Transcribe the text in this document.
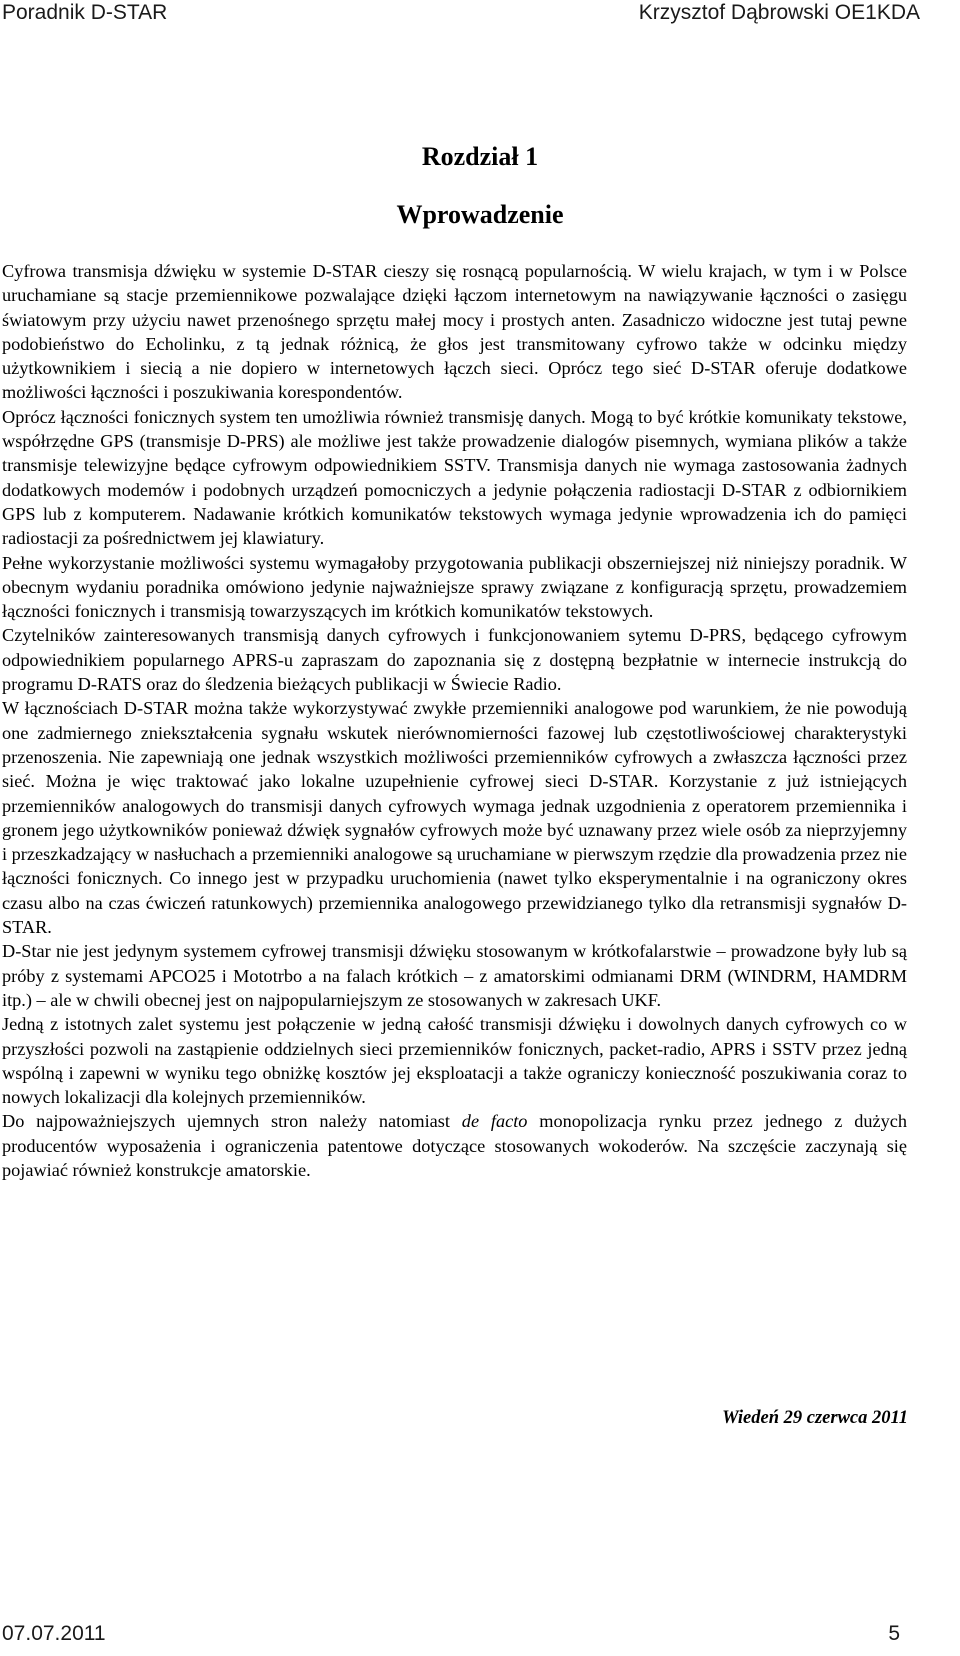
Poradnik D-STAR	Krzysztof Dąbrowski OE1KDA
Rozdział 1
Wprowadzenie

Cyfrowa transmisja dźwięku w systemie D-STAR cieszy się rosnącą popularnością. W wielu krajach, w tym i w Polsce uruchamiane są stacje przemiennikowe pozwalające dzięki łączom internetowym na nawiązywanie łączności o zasięgu światowym przy użyciu nawet przenośnego sprzętu małej mocy i prostych anten. Zasadniczo widoczne jest tutaj pewne podobieństwo do Echolinku, z tą jednak różnicą, że głos jest transmitowany cyfrowo także w odcinku między użytkownikiem i siecią a nie dopiero w internetowych łączch sieci. Oprócz tego sieć D-STAR oferuje dodatkowe możliwości łączności i poszukiwania korespondentów.

Oprócz łączności fonicznych system ten umożliwia również transmisję danych. Mogą to być krótkie komunikaty tekstowe, współrzędne GPS (transmisje D-PRS) ale możliwe jest także prowadzenie dialogów pisemnych, wymiana plików a także transmisje telewizyjne będące cyfrowym odpowiednikiem SSTV. Transmisja danych nie wymaga zastosowania żadnych dodatkowych modemów i podobnych urządzeń pomocniczych a jedynie połączenia radiostacji D-STAR z odbiornikiem GPS lub z komputerem. Nadawanie krótkich komunikatów tekstowych wymaga jedynie wprowadzenia ich do pamięci radiostacji za pośrednictwem jej klawiatury.

Pełne wykorzystanie możliwości systemu wymagałoby przygotowania publikacji obszerniejszej niż niniejszy poradnik. W obecnym wydaniu poradnika omówiono jedynie najważniejsze sprawy związane z konfiguracją sprzętu, prowadzemiem łączności fonicznych i transmisją towarzyszących im krótkich komunikatów tekstowych.

Czytelników zainteresowanych transmisją danych cyfrowych i funkcjonowaniem sytemu D-PRS, będącego cyfrowym odpowiednikiem popularnego APRS-u zapraszam do zapoznania się z dostępną bezpłatnie w internecie instrukcją do programu D-RATS oraz do śledzenia bieżących publikacji w Świecie Radio.

W łącznościach D-STAR można także wykorzystywać zwykłe przemienniki analogowe pod warunkiem, że nie powodują one zadmiernego zniekształcenia sygnału wskutek nierównomierności fazowej lub częstotliwościowej charakterystyki przenoszenia. Nie zapewniają one jednak wszystkich możliwości przemienników cyfrowych a zwłaszcza łączności przez sieć. Można je więc traktować jako lokalne uzupełnienie cyfrowej sieci D-STAR. Korzystanie z już istniejących przemienników analogowych do transmisji danych cyfrowych wymaga jednak uzgodnienia z operatorem przemiennika i gronem jego użytkowników ponieważ dźwięk sygnałów cyfrowych może być uznawany przez wiele osób za nieprzyjemny i przeszkadzający w nasłuchach a przemienniki analogowe są uruchamiane w pierwszym rzędzie dla prowadzenia przez nie łączności fonicznych. Co innego jest w przypadku uruchomienia (nawet tylko eksperymentalnie i na ograniczony okres czasu albo na czas ćwiczeń ratunkowych) przemiennika analogowego przewidzianego tylko dla retransmisji sygnałów D-STAR.

D-Star nie jest jedynym systemem cyfrowej transmisji dźwięku stosowanym w krótkofalarstwie – prowadzone były lub są próby z systemami APCO25 i Mototrbo a na falach krótkich – z amatorskimi odmianami DRM (WINDRM, HAMDRM itp.) – ale w chwili obecnej jest on najpopularniejszym ze stosowanych w zakresach UKF.

Jedną z istotnych zalet systemu jest połączenie w jedną całość transmisji dźwięku i dowolnych danych cyfrowych co w przyszłości pozwoli na zastąpienie oddzielnych sieci przemienników fonicznych, packet-radio, APRS i SSTV przez jedną wspólną i zapewni w wyniku tego obniżkę kosztów jej eksploatacji a także ograniczy konieczność poszukiwania coraz to nowych lokalizacji dla kolejnych przemienników.

Do najpoważniejszych ujemnych stron należy natomiast de facto monopolizacja rynku przez jednego z dużych producentów wyposażenia i ograniczenia patentowe dotyczące stosowanych wokoderów. Na szczęście zaczynają się pojawiać również konstrukcje amatorskie.

Wiedeń 29 czerwca 2011
07.07.2011	5
